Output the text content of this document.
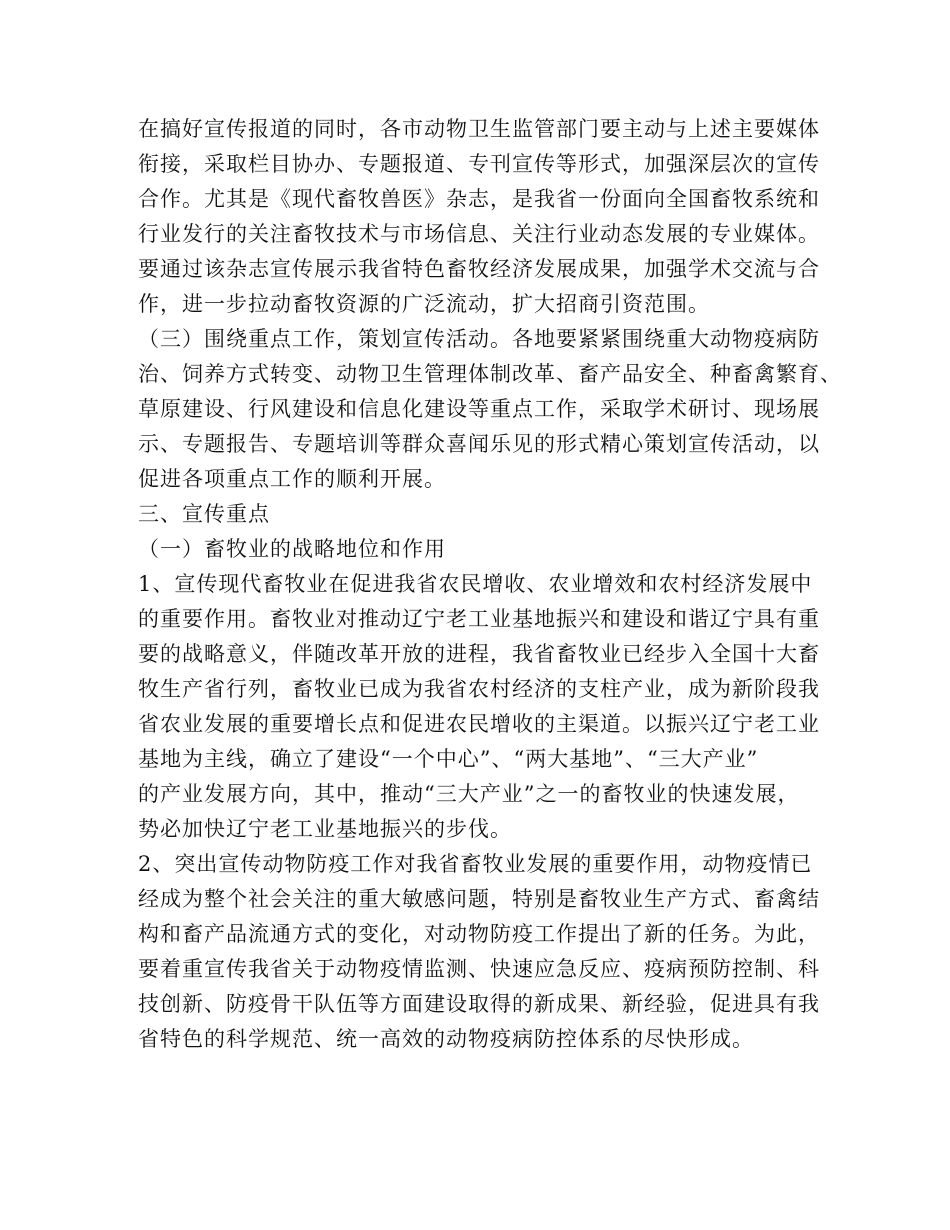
在搞好宣传报道的同时，各市动物卫生监管部门要主动与上述主要媒体

衔接，采取栏目协办、专题报道、专刊宣传等形式，加强深层次的宣传

合作。尤其是《现代畜牧兽医》杂志，是我省一份面向全国畜牧系统和

行业发行的关注畜牧技术与市场信息、关注行业动态发展的专业媒体。

要通过该杂志宣传展示我省特色畜牧经济发展成果，加强学术交流与合

作，进一步拉动畜牧资源的广泛流动，扩大招商引资范围。

（三）围绕重点工作，策划宣传活动。各地要紧紧围绕重大动物疫病防

治、饲养方式转变、动物卫生管理体制改革、畜产品安全、种畜禽繁育、

草原建设、行风建设和信息化建设等重点工作，采取学术研讨、现场展

示、专题报告、专题培训等群众喜闻乐见的形式精心策划宣传活动，以

促进各项重点工作的顺利开展。

三、宣传重点

（一）畜牧业的战略地位和作用

1、宣传现代畜牧业在促进我省农民增收、农业增效和农村经济发展中

的重要作用。畜牧业对推动辽宁老工业基地振兴和建设和谐辽宁具有重

要的战略意义，伴随改革开放的进程，我省畜牧业已经步入全国十大畜

牧生产省行列，畜牧业已成为我省农村经济的支柱产业，成为新阶段我

省农业发展的重要增长点和促进农民增收的主渠道。以振兴辽宁老工业

基地为主线，确立了建设“一个中心”、“两大基地”、“三大产业”

的产业发展方向，其中，推动“三大产业”之一的畜牧业的快速发展，

势必加快辽宁老工业基地振兴的步伐。

2、突出宣传动物防疫工作对我省畜牧业发展的重要作用，动物疫情已

经成为整个社会关注的重大敏感问题，特别是畜牧业生产方式、畜禽结

构和畜产品流通方式的变化，对动物防疫工作提出了新的任务。为此，

要着重宣传我省关于动物疫情监测、快速应急反应、疫病预防控制、科

技创新、防疫骨干队伍等方面建设取得的新成果、新经验，促进具有我

省特色的科学规范、统一高效的动物疫病防控体系的尽快形成。
